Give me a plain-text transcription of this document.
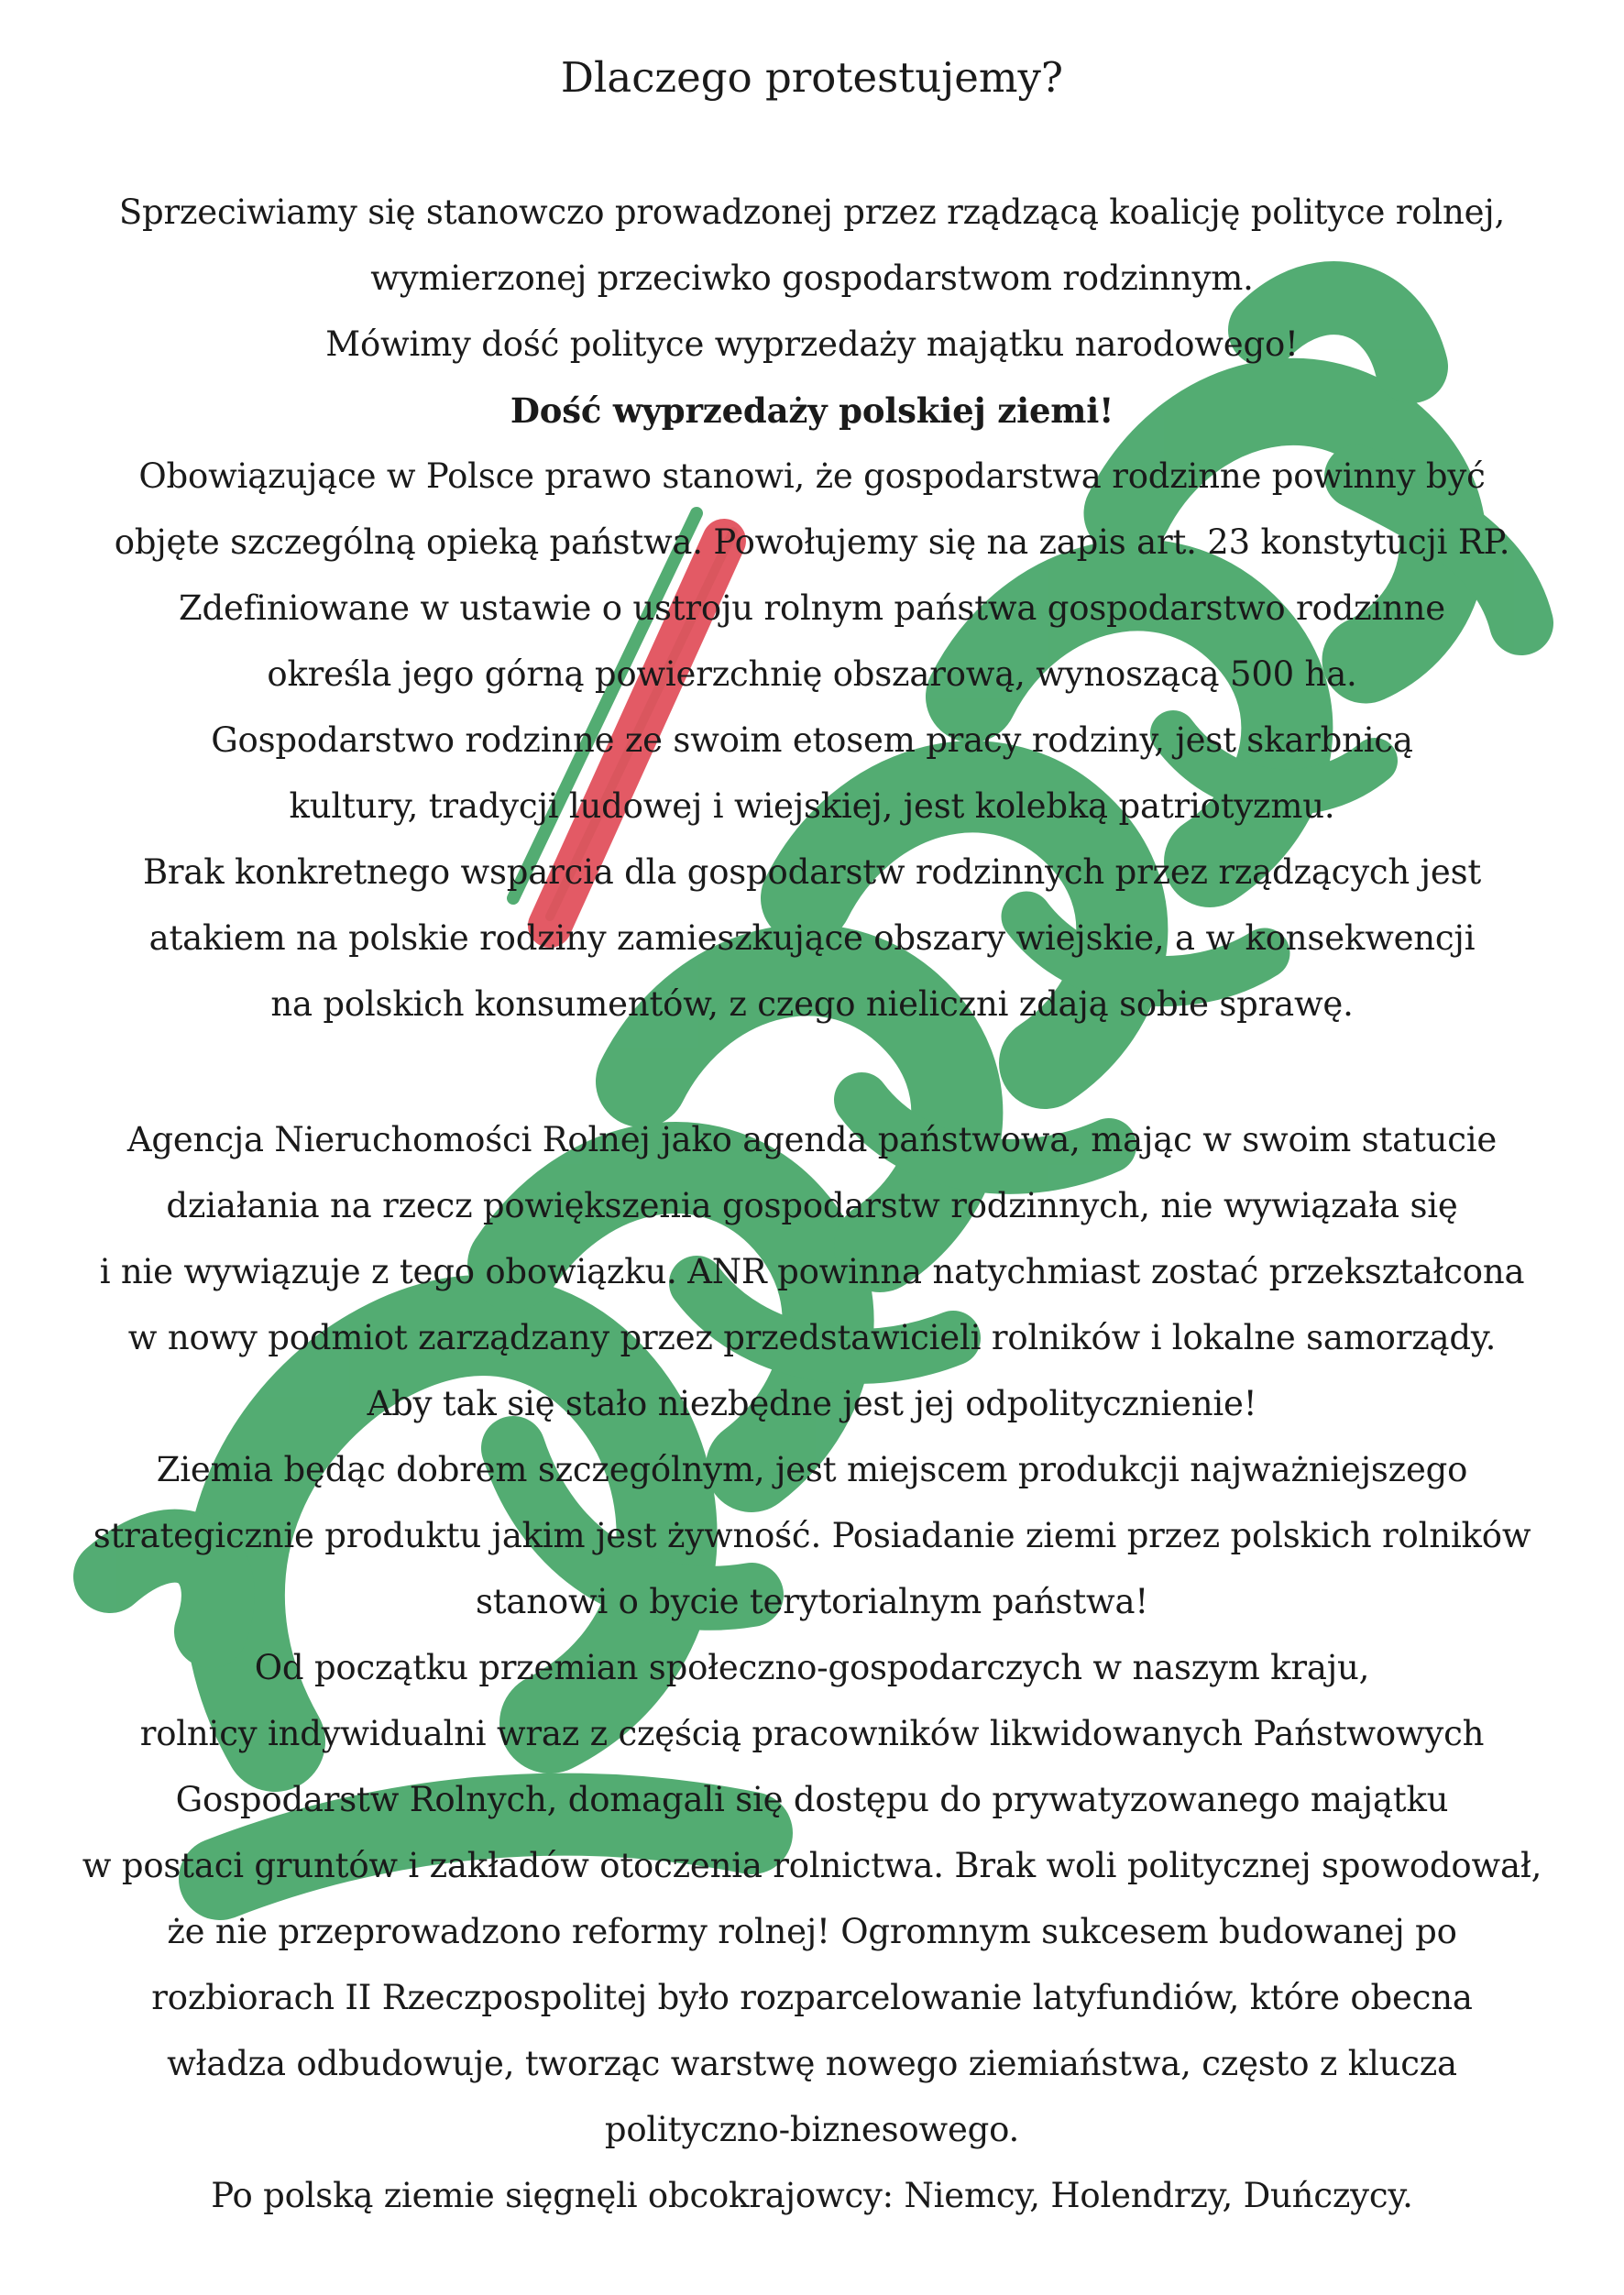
Dlaczego protestujemy?
Sprzeciwiamy się stanowczo prowadzonej przez rządzącą koalicję polityce rolnej,
wymierzonej przeciwko gospodarstwom rodzinnym.
Mówimy dość polityce wyprzedaży majątku narodowego!
Dość wyprzedaży polskiej ziemi!
Obowiązujące w Polsce prawo stanowi, że gospodarstwa rodzinne powinny być
objęte szczególną opieką państwa. Powołujemy się na zapis art. 23 konstytucji RP.
Zdefiniowane w ustawie o ustroju rolnym państwa gospodarstwo rodzinne
określa jego górną powierzchnię obszarową, wynoszącą 500 ha.
Gospodarstwo rodzinne ze swoim etosem pracy rodziny, jest skarbnicą
kultury, tradycji ludowej i wiejskiej, jest kolebką patriotyzmu.
Brak konkretnego wsparcia dla gospodarstw rodzinnych przez rządzących jest
atakiem na polskie rodziny zamieszkujące obszary wiejskie, a w konsekwencji
na polskich konsumentów, z czego nieliczni zdają sobie sprawę.
Agencja Nieruchomości Rolnej jako agenda państwowa, mając w swoim statucie
działania na rzecz powiększenia gospodarstw rodzinnych, nie wywiązała się
i nie wywiązuje z tego obowiązku. ANR powinna natychmiast zostać przekształcona
w nowy podmiot zarządzany przez przedstawicieli rolników i lokalne samorządy.
Aby tak się stało niezbędne jest jej odpolitycznienie!
Ziemia będąc dobrem szczególnym, jest miejscem produkcji najważniejszego
strategicznie produktu jakim jest żywność. Posiadanie ziemi przez polskich rolników
stanowi o bycie terytorialnym państwa!
Od początku przemian społeczno-gospodarczych w naszym kraju,
rolnicy indywidualni wraz z częścią pracowników likwidowanych Państwowych
Gospodarstw Rolnych, domagali się dostępu do prywatyzowanego majątku
w postaci gruntów i zakładów otoczenia rolnictwa. Brak woli politycznej spowodował,
że nie przeprowadzono reformy rolnej! Ogromnym sukcesem budowanej po
rozbiorach II Rzeczpospolitej było rozparcelowanie latyfundiów, które obecna
władza odbudowuje, tworząc warstwę nowego ziemiaństwa, często z klucza
polityczno-biznesowego.
Po polską ziemie sięgnęli obcokrajowcy: Niemcy, Holendrzy, Duńczycy.
